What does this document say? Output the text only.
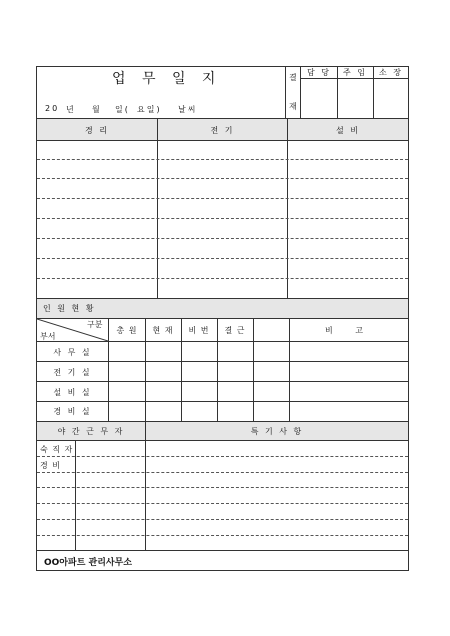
업 무 일 지
20 년 월 일( 요일) 날씨
결
재
담 당	주 임	소 장
경 리	전 기	설 비
인 원 현 황
구분
부서
총 원	현 재	비 번	결 근	비 고
사 무 실
전 기 실
설 비 실
경 비 실
야 간 근 무 자	특 기 사 항
숙 직 자
경 비
OO아파트 관리사무소
